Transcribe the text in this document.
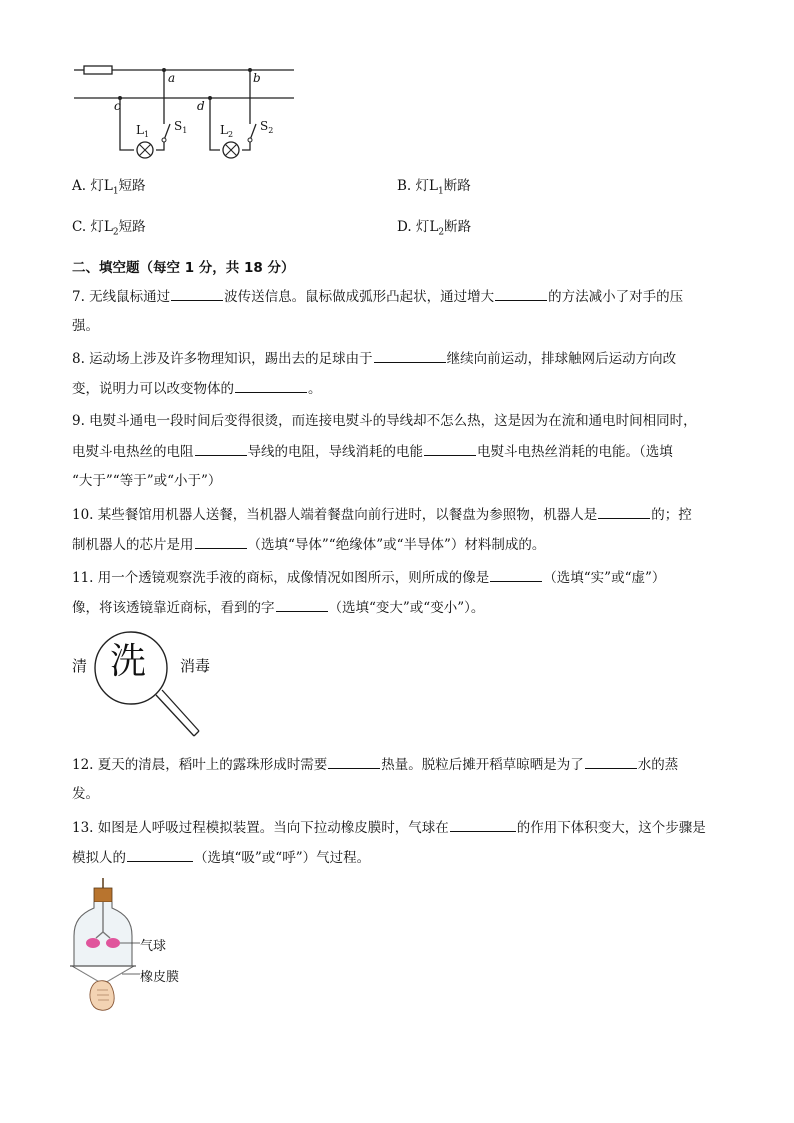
a	b
c	d
$L_1$
$S_1$	$L_2$
$S_2$
A. 灯$L_1$短路	B. 灯$L_1$断路
C. 灯$L_2$短路	D. 灯$L_2$断路
二、填空题（每空 1 分，共 18 分）
7. 无线鼠标通过	波传送信息。鼠标做成弧形凸起状，通过增大	的方法减小了对手的压
强。
8. 运动场上涉及许多物理知识，踢出去的足球由于	继续向前运动，排球触网后运动方向改
变，说明力可以改变物体的	。
9. 电熨斗通电一段时间后变得很烫，而连接电熨斗的导线却不怎么热，这是因为在流和通电时间相同时，
电熨斗电热丝的电阻	导线的电阻，导线消耗的电能	电熨斗电热丝消耗的电能。（选填
“大于”“等于”或“小于”）
10. 某些餐馆用机器人送餐，当机器人端着餐盘向前行进时，以餐盘为参照物，机器人是	的；控
制机器人的芯片是用	（选填“导体”“绝缘体”或“半导体”）材料制成的。
11. 用一个透镜观察洗手液的商标，成像情况如图所示，则所成的像是	（选填“实”或“虚”）
像，将该透镜靠近商标，看到的字	（选填“变大”或“变小”）。
清 洗 消毒
12. 夏天的清晨，稻叶上的露珠形成时需要	热量。脱粒后摊开稻草晾晒是为了	水的蒸
发。
13. 如图是人呼吸过程模拟装置。当向下拉动橡皮膜时，气球在	的作用下体积变大，这个步骤是
模拟人的	（选填“吸”或“呼”）气过程。
气球
橡皮膜
